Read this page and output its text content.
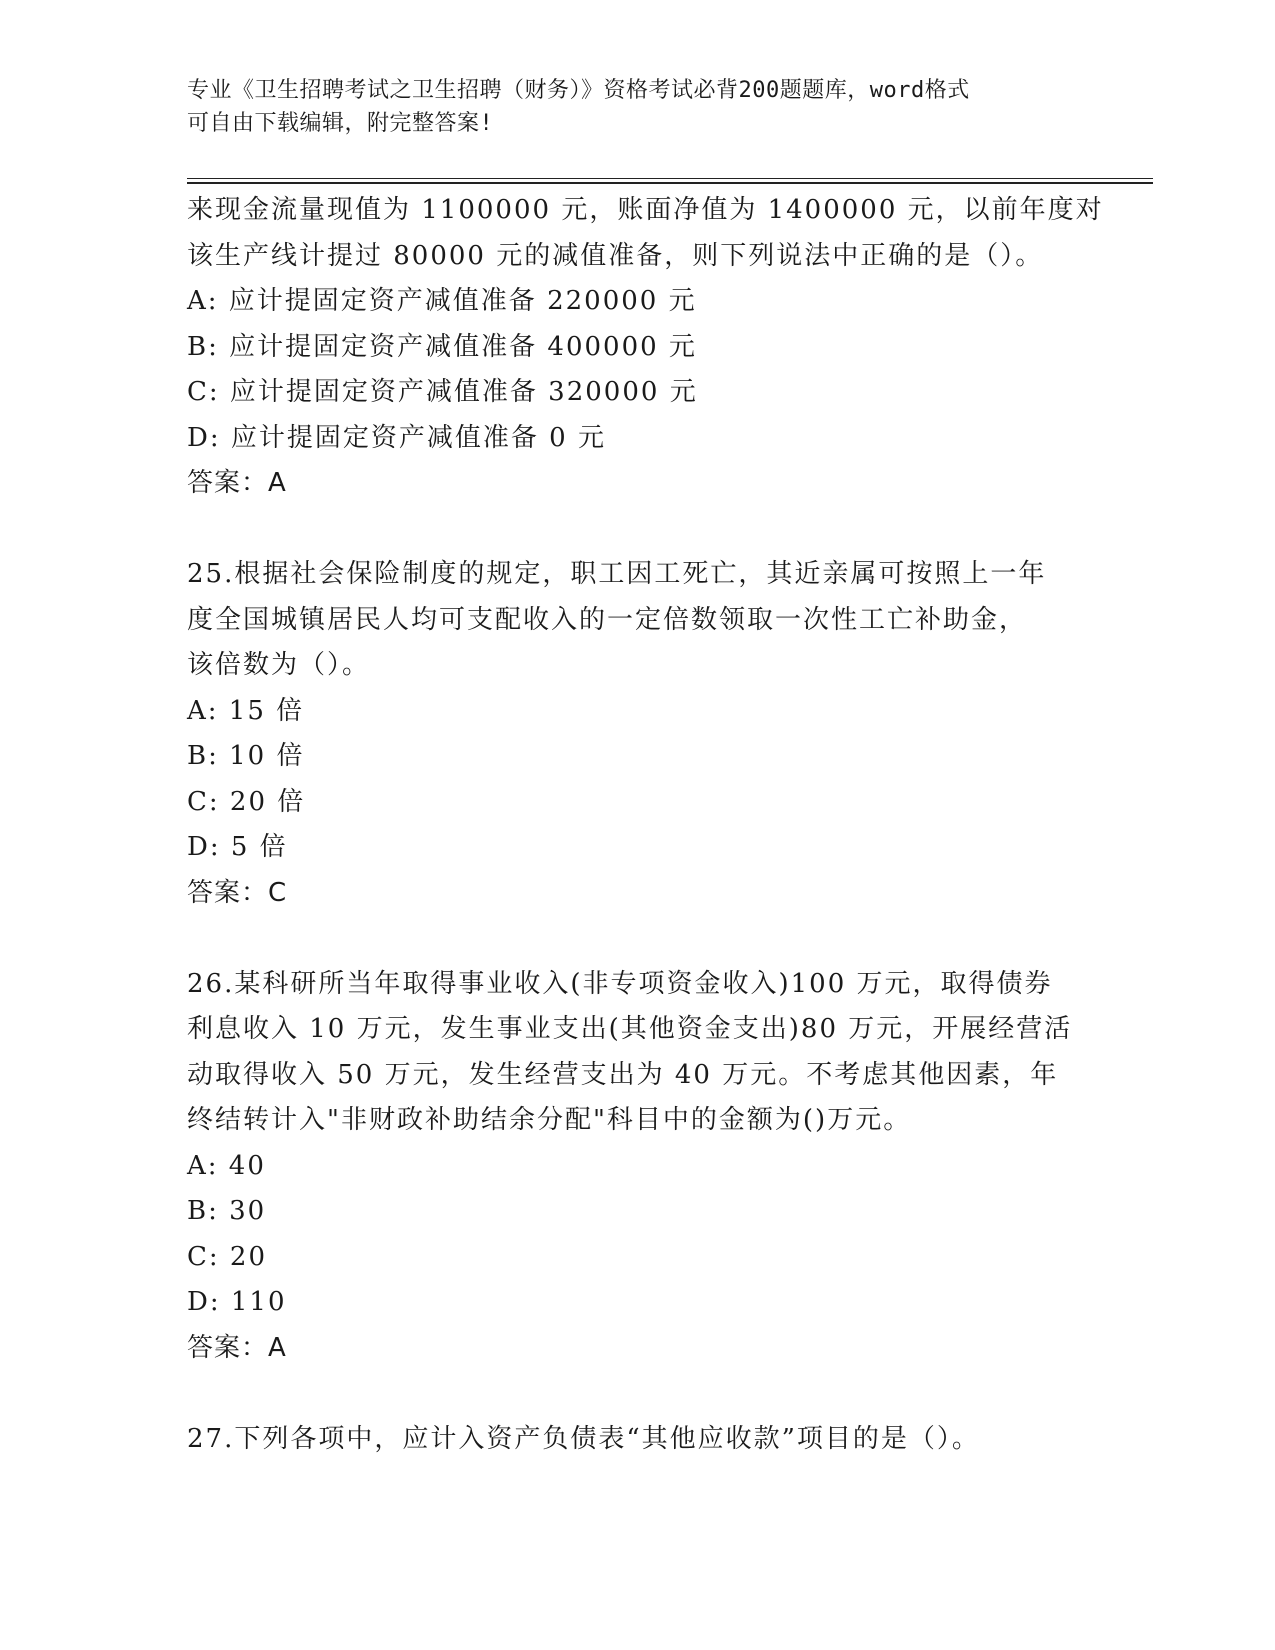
专业《卫生招聘考试之卫生招聘（财务）》资格考试必背200题题库，word格式
可自由下载编辑，附完整答案!
来现金流量现值为 1100000 元，账面净值为 1400000 元，以前年度对
该生产线计提过 80000 元的减值准备，则下列说法中正确的是（）。
A: 应计提固定资产减值准备 220000 元
B: 应计提固定资产减值准备 400000 元
C: 应计提固定资产减值准备 320000 元
D: 应计提固定资产减值准备 0 元
答案：A
25.根据社会保险制度的规定，职工因工死亡，其近亲属可按照上一年
度全国城镇居民人均可支配收入的一定倍数领取一次性工亡补助金，
该倍数为（）。
A: 15 倍
B: 10 倍
C: 20 倍
D: 5 倍
答案：C
26.某科研所当年取得事业收入(非专项资金收入)100 万元，取得债券
利息收入 10 万元，发生事业支出(其他资金支出)80 万元，开展经营活
动取得收入 50 万元，发生经营支出为 40 万元。不考虑其他因素，年
终结转计入"非财政补助结余分配"科目中的金额为()万元。
A: 40
B: 30
C: 20
D: 110
答案：A
27.下列各项中，应计入资产负债表“其他应收款”项目的是（）。
